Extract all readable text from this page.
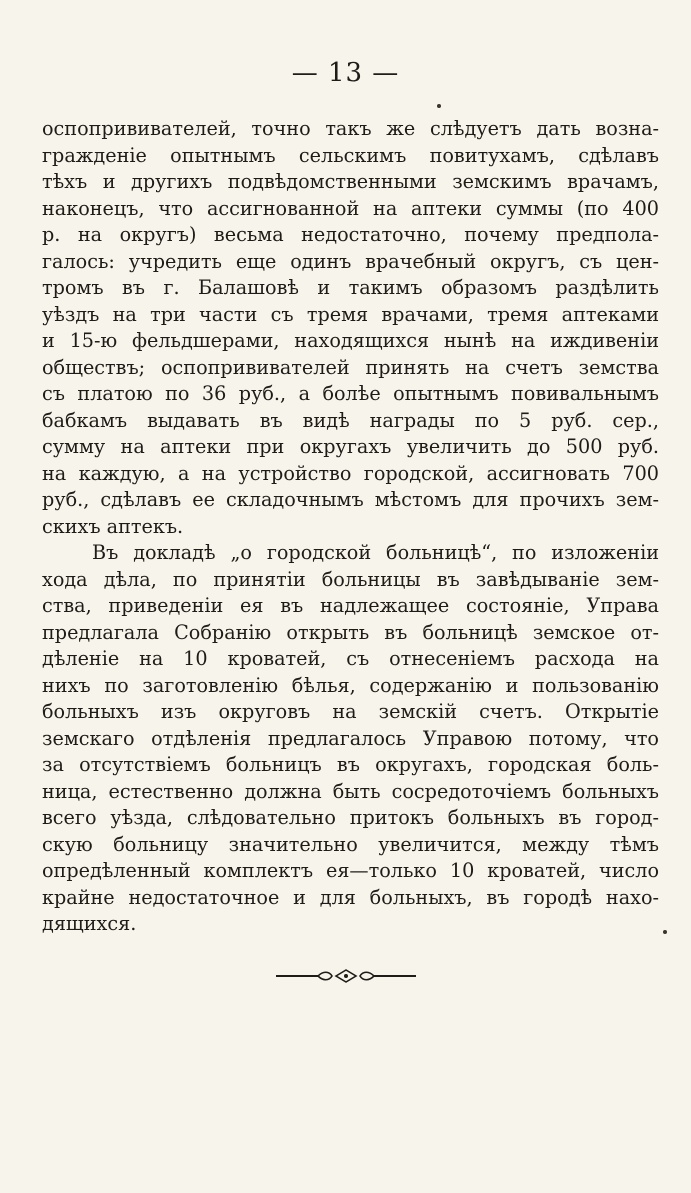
— 13 —
оспопрививателей, точно такъ же слѣдуетъ дать возна-
гражденіе опытнымъ сельскимъ повитухамъ, сдѣлавъ
тѣхъ и другихъ подвѣдомственными земскимъ врачамъ,
наконецъ, что ассигнованной на аптеки суммы (по 400
р. на округъ) весьма недостаточно, почему предпола-
галось: учредить еще одинъ врачебный округъ, съ цен-
тромъ въ г. Балашовѣ и такимъ образомъ раздѣлить
уѣздъ на три части съ тремя врачами, тремя аптеками
и 15-ю фельдшерами, находящихся нынѣ на иждивеніи
обществъ; оспопрививателей принять на счетъ земства
съ платою по 36 руб., а болѣе опытнымъ повивальнымъ
бабкамъ выдавать въ видѣ награды по 5 руб. сер.,
сумму на аптеки при округахъ увеличить до 500 руб.
на каждую, а на устройство городской, ассигновать 700
руб., сдѣлавъ ее складочнымъ мѣстомъ для прочихъ зем-
скихъ аптекъ.
Въ докладѣ „о городской больницѣ“, по изложеніи
хода дѣла, по принятіи больницы въ завѣдываніе зем-
ства, приведеніи ея въ надлежащее состояніе, Управа
предлагала Собранію открыть въ больницѣ земское от-
дѣленіе на 10 кроватей, съ отнесеніемъ расхода на
нихъ по заготовленію бѣлья, содержанію и пользованію
больныхъ изъ округовъ на земскій счетъ. Открытіе
земскаго отдѣленія предлагалось Управою потому, что
за отсутствіемъ больницъ въ округахъ, городская боль-
ница, естественно должна быть сосредоточіемъ больныхъ
всего уѣзда, слѣдовательно притокъ больныхъ въ город-
скую больницу значительно увеличится, между тѣмъ
опредѣленный комплектъ ея—только 10 кроватей, число
крайне недостаточное и для больныхъ, въ городѣ нахо-
дящихся.
